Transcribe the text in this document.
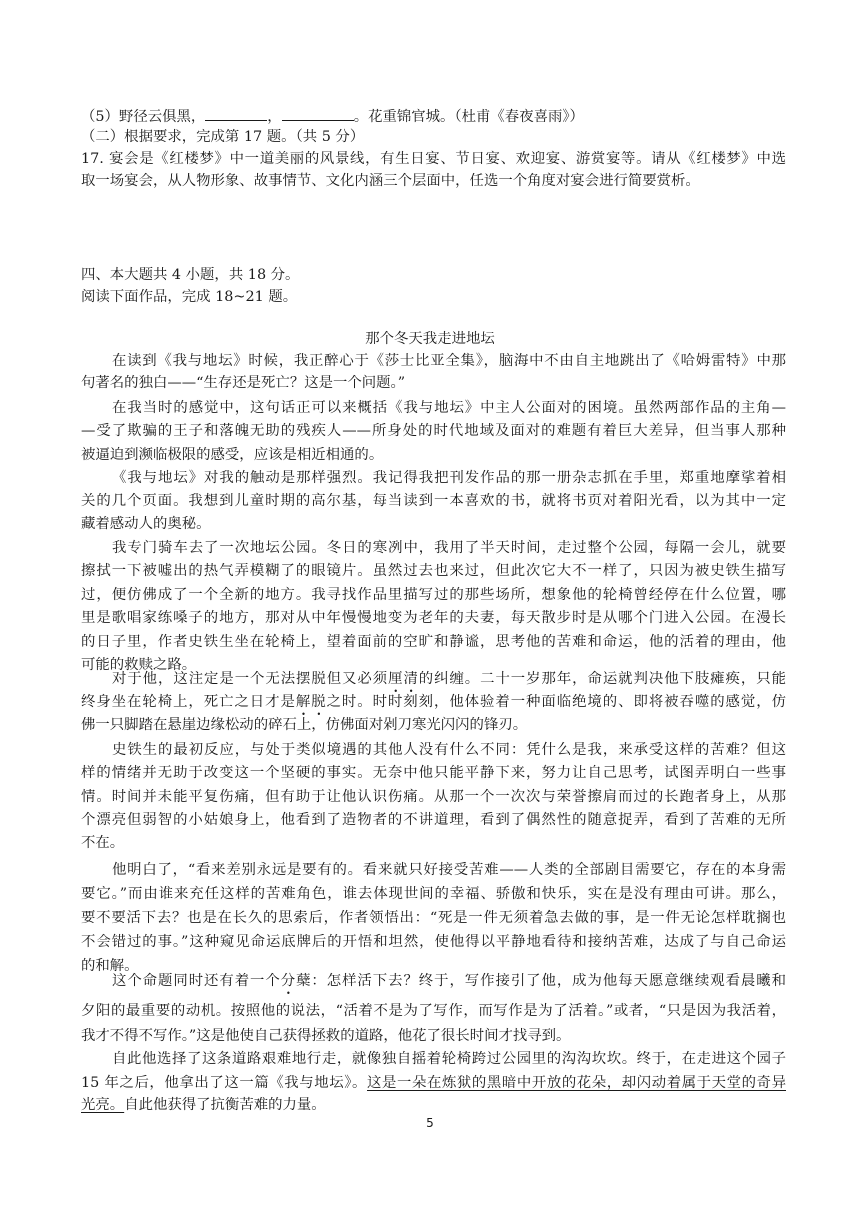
（5）野径云俱黑，	，	。花重锦官城。（杜甫《春夜喜雨》）
（二）根据要求，完成第 17 题。（共 5 分）
17. 宴会是《红楼梦》中一道美丽的风景线，有生日宴、节日宴、欢迎宴、游赏宴等。请从《红楼梦》中选
取一场宴会，从人物形象、故事情节、文化内涵三个层面中，任选一个角度对宴会进行简要赏析。
四、本大题共 4 小题，共 18 分。
阅读下面作品，完成 18~21 题。
那个冬天我走进地坛
在读到《我与地坛》时候，我正醉心于《莎士比亚全集》，脑海中不由自主地跳出了《哈姆雷特》中那
句著名的独白——“生存还是死亡？这是一个问题。”
在我当时的感觉中，这句话正可以来概括《我与地坛》中主人公面对的困境。虽然两部作品的主角—
—受了欺骗的王子和落魄无助的残疾人——所身处的时代地域及面对的难题有着巨大差异，但当事人那种
被逼迫到濒临极限的感受，应该是相近相通的。
《我与地坛》对我的触动是那样强烈。我记得我把刊发作品的那一册杂志抓在手里，郑重地摩挲着相
关的几个页面。我想到儿童时期的高尔基，每当读到一本喜欢的书，就将书页对着阳光看，以为其中一定
藏着感动人的奥秘。
我专门骑车去了一次地坛公园。冬日的寒冽中，我用了半天时间，走过整个公园，每隔一会儿，就要
擦拭一下被嘘出的热气弄模糊了的眼镜片。虽然过去也来过，但此次它大不一样了，只因为被史铁生描写
过，便仿佛成了一个全新的地方。我寻找作品里描写过的那些场所，想象他的轮椅曾经停在什么位置，哪
里是歌唱家练嗓子的地方，那对从中年慢慢地变为老年的夫妻，每天散步时是从哪个门进入公园。在漫长
的日子里，作者史铁生坐在轮椅上，望着面前的空旷和静谧，思考他的苦难和命运，他的活着的理由，他
可能的救赎之路。
对于他，这注定是一个无法摆脱但又必须厘清的纠缠。二十一岁那年，命运就判决他下肢瘫痪，只能
终身坐在轮椅上，死亡之日才是解脱之时。时时刻刻，他体验着一种面临绝境的、即将被吞噬的感觉，仿
佛一只脚踏在悬崖边缘松动的碎石上，仿佛面对剁刀寒光闪闪的锋刃。
史铁生的最初反应，与处于类似境遇的其他人没有什么不同：凭什么是我，来承受这样的苦难？但这
样的情绪并无助于改变这一个坚硬的事实。无奈中他只能平静下来，努力让自己思考，试图弄明白一些事
情。时间并未能平复伤痛，但有助于让他认识伤痛。从那一个一次次与荣誉擦肩而过的长跑者身上，从那
个漂亮但弱智的小姑娘身上，他看到了造物者的不讲道理，看到了偶然性的随意捉弄，看到了苦难的无所
不在。
他明白了，“看来差别永远是要有的。看来就只好接受苦难——人类的全部剧目需要它，存在的本身需
要它。”而由谁来充任这样的苦难角色，谁去体现世间的幸福、骄傲和快乐，实在是没有理由可讲。那么，
要不要活下去？也是在长久的思索后，作者领悟出：“死是一件无须着急去做的事，是一件无论怎样耽搁也
不会错过的事。”这种窥见命运底牌后的开悟和坦然，使他得以平静地看待和接纳苦难，达成了与自己命运
的和解。
这个命题同时还有着一个分蘖：怎样活下去？终于，写作接引了他，成为他每天愿意继续观看晨曦和
夕阳的最重要的动机。按照他的说法，“活着不是为了写作，而写作是为了活着。”或者，“只是因为我活着，
我才不得不写作。”这是他使自己获得拯救的道路，他花了很长时间才找寻到。
自此他选择了这条道路艰难地行走，就像独自摇着轮椅跨过公园里的沟沟坎坎。终于，在走进这个园子
15 年之后，他拿出了这一篇《我与地坛》。这是一朵在炼狱的黑暗中开放的花朵，却闪动着属于天堂的奇异
光亮。自此他获得了抗衡苦难的力量。
5
